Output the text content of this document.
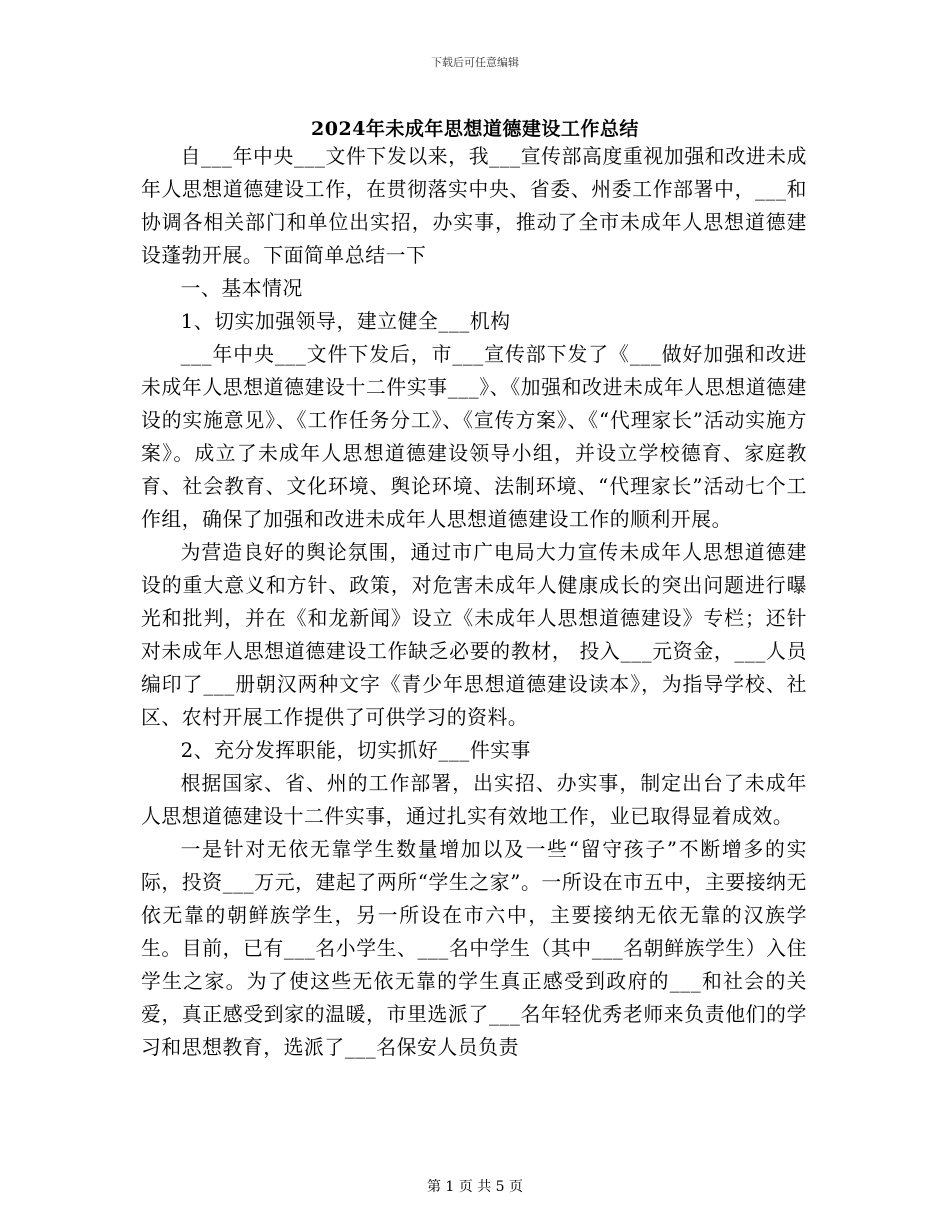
下载后可任意编辑
2024年未成年思想道德建设工作总结

自___年中央___文件下发以来，我___宣传部高度重视加强和改进未成年人思想道德建设工作，在贯彻落实中央、省委、州委工作部署中，___和协调各相关部门和单位出实招，办实事，推动了全市未成年人思想道德建设蓬勃开展。下面简单总结一下

一、基本情况

1、切实加强领导，建立健全___机构

___年中央___文件下发后，市___宣传部下发了《___做好加强和改进未成年人思想道德建设十二件实事___》、《加强和改进未成年人思想道德建设的实施意见》、《工作任务分工》、《宣传方案》、《“代理家长”活动实施方案》。成立了未成年人思想道德建设领导小组，并设立学校德育、家庭教育、社会教育、文化环境、舆论环境、法制环境、“代理家长”活动七个工作组，确保了加强和改进未成年人思想道德建设工作的顺利开展。

为营造良好的舆论氛围，通过市广电局大力宣传未成年人思想道德建设的重大意义和方针、政策，对危害未成年人健康成长的突出问题进行曝光和批判，并在《和龙新闻》设立《未成年人思想道德建设》专栏；还针对未成年人思想道德建设工作缺乏必要的教材， 投入___元资金，___人员编印了___册朝汉两种文字《青少年思想道德建设读本》，为指导学校、社区、农村开展工作提供了可供学习的资料。

2、充分发挥职能，切实抓好___件实事

根据国家、省、州的工作部署，出实招、办实事，制定出台了未成年人思想道德建设十二件实事，通过扎实有效地工作，业已取得显着成效。

一是针对无依无靠学生数量增加以及一些“留守孩子”不断增多的实际，投资___万元，建起了两所“学生之家”。一所设在市五中，主要接纳无依无靠的朝鲜族学生，另一所设在市六中，主要接纳无依无靠的汉族学生。目前，已有___名小学生、___名中学生（其中___名朝鲜族学生）入住学生之家。为了使这些无依无靠的学生真正感受到政府的___和社会的关爱，真正感受到家的温暖，市里选派了___名年轻优秀老师来负责他们的学习和思想教育，选派了___名保安人员负责

第 1 页 共 5 页
